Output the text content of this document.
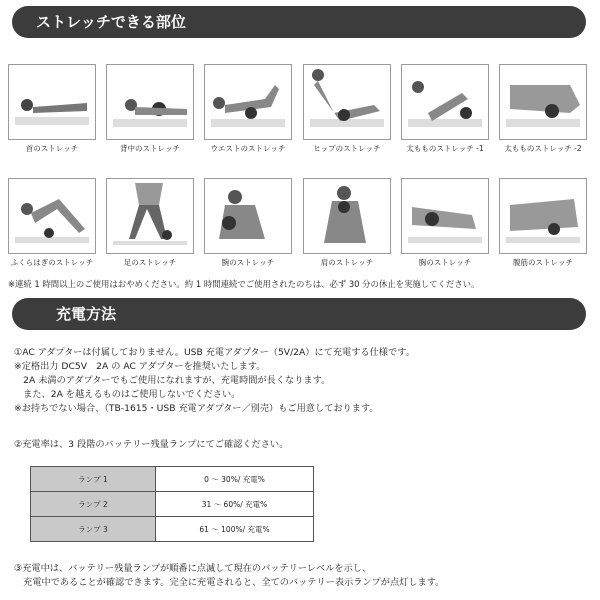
ストレッチできる部位
首のストレッチ	背中のストレッチ	ウエストのストレッチ	ヒップのストレッチ	太もものストレッチ -1	太もものストレッチ -2
ふくらはぎのストレッチ	足のストレッチ	腕のストレッチ	肩のストレッチ	胸のストレッチ	腹筋のストレッチ
※連続 1 時間以上のご使用はおやめください。約 1 時間連続でご使用されたのちは、必ず 30 分の休止を実施してください。
充電方法
①AC アダプターは付属しておりません。USB 充電アダプター（5V/2A）にて充電する仕様です。
※定格出力 DC5V　2A の AC アダプターを推奨いたします。
　2A 未満のアダプターでもご使用になれますが、充電時間が長くなります。
　また、2A を越えるものはご使用しないでください。
※お持ちでない場合、（TB-1615・USB 充電アダプター／別売）もご用意しております。
②充電率は、3 段階のバッテリー残量ランプにてご確認ください。
ランプ 1	0 ～ 30%/ 充電%
ランプ 2	31 ～ 60%/ 充電%
ランプ 3	61 ～ 100%/ 充電%
③充電中は、バッテリー残量ランプが順番に点滅して現在のバッテリーレベルを示し、
　充電中であることが確認できます。完全に充電されると、全てのバッテリー表示ランプが点灯します。
